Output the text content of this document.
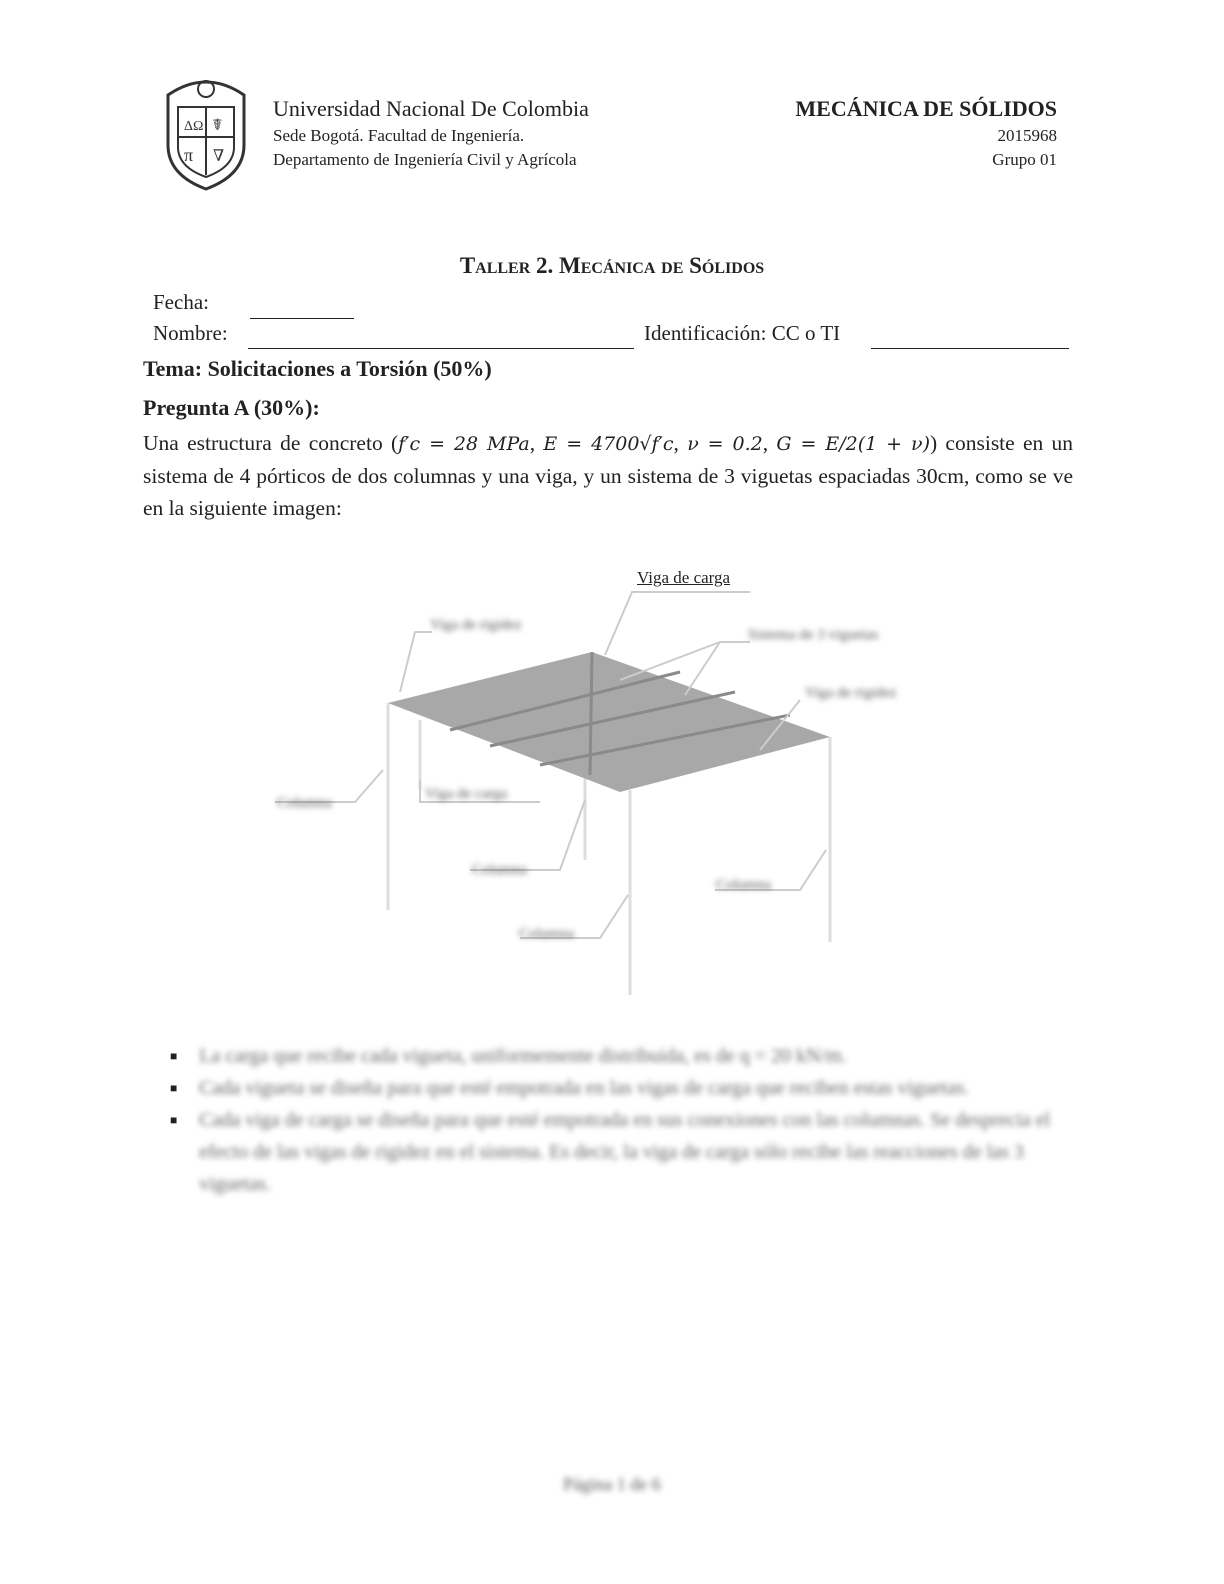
ΔΩ ☤
π ∇
Universidad Nacional De Colombia
Sede Bogotá. Facultad de Ingeniería.
Departamento de Ingeniería Civil y Agrícola
MECÁNICA DE SÓLIDOS
2015968
Grupo 01
Taller 2. Mecánica de Sólidos
Fecha:
Nombre:	Identificación: CC o TI
Tema: Solicitaciones a Torsión (50%)
Pregunta A (30%):
Una estructura de concreto (f′c = 28 MPa, E = 4700√f′c, ν = 0.2, G = E/2(1 + ν)) consiste en un sistema de 4 pórticos de dos columnas y una viga, y un sistema de 3 viguetas espaciadas 30cm, como se ve en la siguiente imagen:
Viga de carga
Viga de rigidez
Sistema de 3 viguetas
Viga de rigidez
Columna
Viga de carga
Columna
Columna
Columna
■ La carga que recibe cada vigueta, uniformemente distribuida, es de q = 20 kN/m.
■ Cada vigueta se diseña para que esté empotrada en las vigas de carga que reciben estas viguetas.
■ Cada viga de carga se diseña para que esté empotrada en sus conexiones con las columnas. Se desprecia el efecto de las vigas de rigidez en el sistema. Es decir, la viga de carga sólo recibe las reacciones de las 3 viguetas.
Página 1 de 6
